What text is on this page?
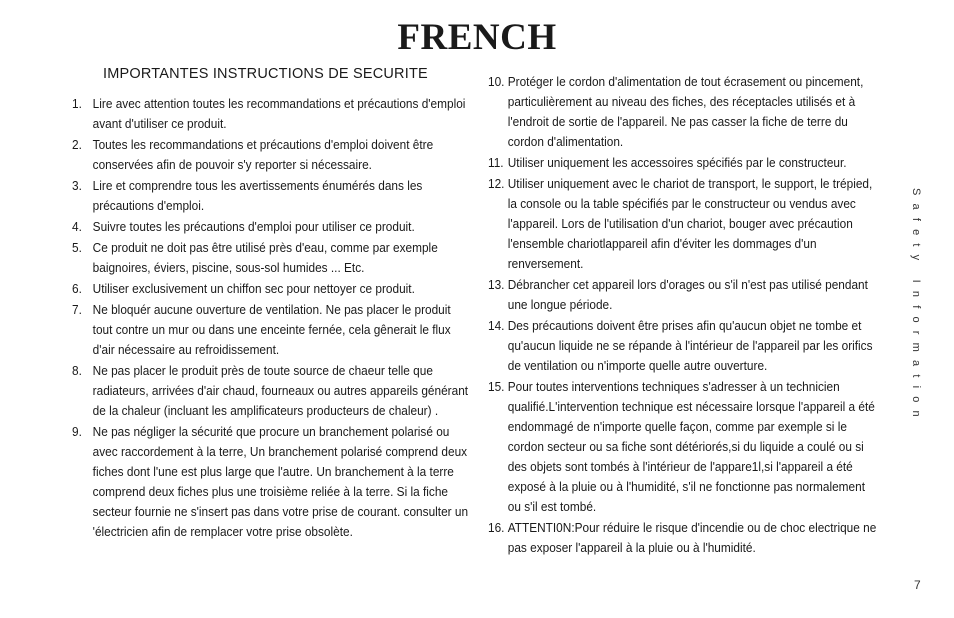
FRENCH
IMPORTANTES INSTRUCTIONS DE SECURITE
1. Lire avec attention toutes les recommandations et précautions d'emploi avant d'utiliser ce produit.
2. Toutes les recommandations et précautions d'emploi doivent être conservées afin de pouvoir s'y reporter si nécessaire.
3. Lire et comprendre tous les avertissements énumérés dans les précautions d'emploi.
4. Suivre toutes les précautions d'emploi pour utiliser ce produit.
5. Ce produit ne doit pas être utilisé près d'eau, comme par exemple baignoires, éviers, piscine, sous-sol humides ... Etc.
6. Utiliser exclusivement un chiffon sec pour nettoyer ce produit.
7. Ne bloquér aucune ouverture de ventilation. Ne pas placer le produit tout contre un mur ou dans une enceinte fernée, cela gênerait le flux d'air nécessaire au refroidissement.
8. Ne pas placer le produit près de toute source de chaeur telle que radiateurs, arrivées d'air chaud, fourneaux ou autres appareils générant de la chaleur (incluant les amplificateurs producteurs de chaleur) .
9. Ne pas négliger la sécurité que procure un branchement polarisé ou avec raccordement à la terre, Un branchement polarisé comprend deux fiches dont l'une est plus large que l'autre. Un branchement à la terre comprend deux fiches plus une troisième reliée à la terre. Si la fiche secteur fournie ne s'insert pas dans votre prise de courant. consulter un 'électricien afin de remplacer votre prise obsolète.
10. Protéger le cordon d'alimentation de tout écrasement ou pincement, particulièrement au niveau des fiches, des réceptacles utilisés et à l'endroit de sortie de l'appareil. Ne pas casser la fiche de terre du cordon d'alimentation.
11. Utiliser uniquement les accessoires spécifiés par le constructeur.
12. Utiliser uniquement avec le chariot de transport, le support, le trépied, la console ou la table spécifiés par le constructeur ou vendus avec l'appareil. Lors de l'utilisation d'un chariot, bouger avec précaution l'ensemble chariotlappareil afin d'éviter les dommages d'un renversement.
13. Débrancher cet appareil lors d'orages ou s'il n'est pas utilisé pendant une longue période.
14. Des précautions doivent être prises afin qu'aucun objet ne tombe et qu'aucun liquide ne se répande à l'intérieur de l'appareil par les orifics de ventilation ou n'importe quelle autre ouverture.
15. Pour toutes interventions techniques s'adresser à un technicien qualifié.L'intervention technique est nécessaire lorsque l'appareil a été endommagé de n'importe quelle façon, comme par exemple si le cordon secteur ou sa fiche sont détériorés,si du liquide a coulé ou si des objets sont tombés à l'intérieur de l'appare1l,si l'appareil a été exposé à la pluie ou à l'humidité, s'il ne fonctionne pas normalement ou s'il est tombé.
16. ATTENTI0N:Pour réduire le risque d'incendie ou de choc electrique ne pas exposer l'appareil à la pluie ou à l'humidité.
Safety Information
7
